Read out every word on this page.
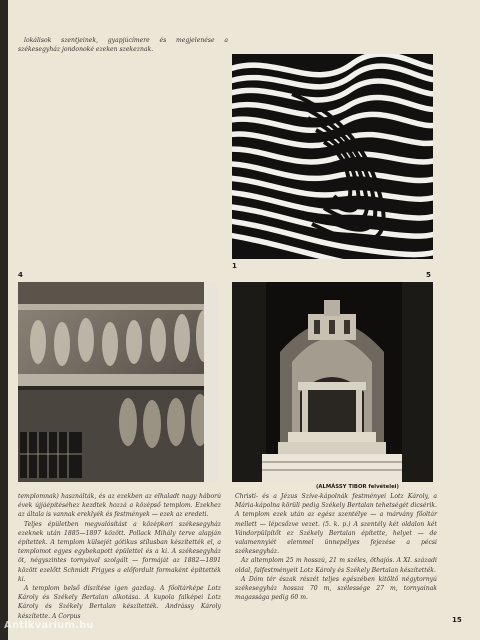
lokálisok szentjeinek, gyapjúcímere és megjelenése a székesegyház jondonoké ezeken szekeznak.

1
4	5
(ALMÁSSY TIBOR felvételei)

templomnak) használták, és az ezekben az elhaladt nagy háború évek újjáépítéséhez kezdtek hozzá a középső templom. Ezekhez az általa is vannak ereklyék és festmények — ezek az eredeti.

Teljes épületben megvalósítást a középkori székesegyház ezeknek után 1885—1897 között. Pollack Mihály terve alapján építettek. A templom külsejét gótikus stílusban készítették el, a templomot egyes egybekapott épülettel és a ki. A székesegyház öt, négyszintes tornyával szolgált — formáját az 1882—1891 között ezelőtt Schmidt Frigyes a előfordult formaként építtették ki.

A templom belső díszítése igen gazdag. A főoltárképe Lotz Károly és Székely Bertalan alkotása. A kupola falképei Lotz Károly és Székely Bertalan készítették. Andrássy Károly készítette. A Corpus

Christi- és a Jézus Szíve-kápolnák festményei Lotz Károly, a Mária-kápolna körüli pedig Székely Bertalan tehetségét dicsérik. A templom ezek után az egész szentélye — a márvány főoltár mellett — lépcsőzve vezet. (5. k. p.) A szentély két oldalon két Vándorpülpítőt ez Székely Bertalan építette, helyet — de valamennyiét elemmel ünnepélyes fejezése a pécsi székesegyház.

Az altemplom 25 m hosszú, 21 m széles, öthajós. A XI. századi oldal, falfestményeit Lotz Károly és Székely Bertalan készítették.

A Dóm tér észak részét teljes egészében kitöltő négytornyú székesegyház hossza 70 m, szélessége 27 m, tornyainak magassága pedig 60 m.

15
Antikvarium.hu
